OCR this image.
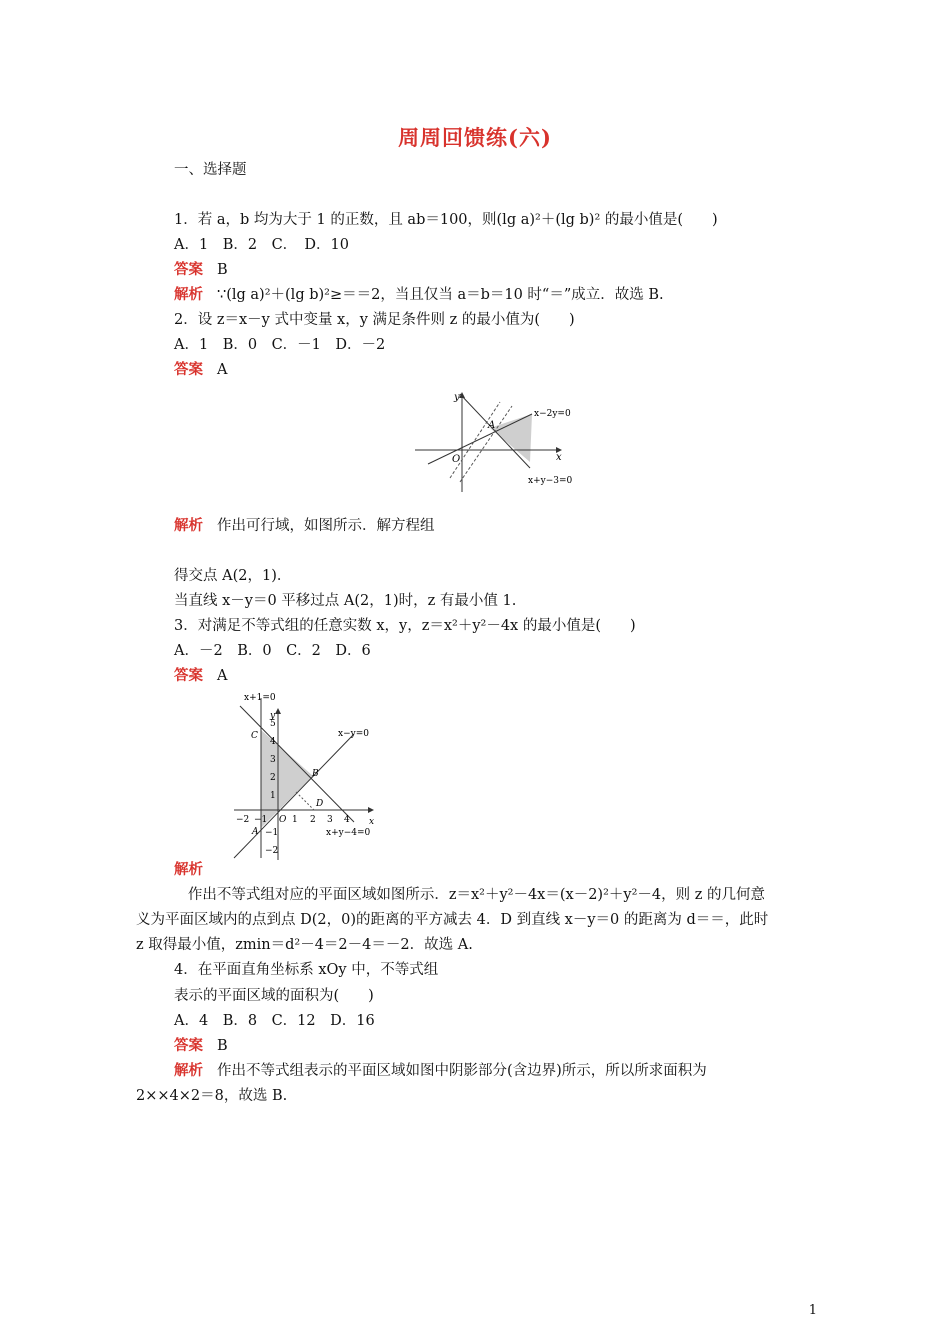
周周回馈练(六)
一、选择题
1．若 a，b 均为大于 1 的正数，且 ab＝100，则(lg a)²＋(lg b)² 的最小值是(　　)
A．1　B．2　C．　D．10
答案 B
解析 ∵(lg a)²＋(lg b)²≥＝＝2，当且仅当 a＝b＝10 时“＝”成立．故选 B.
2．设 z＝x－y 式中变量 x，y 满足条件则 z 的最小值为(　　)
A．1　B．0　C．－1　D．－2
答案 A
y
x
O
A
x−2y=0
x+y−3=0
解析 作出可行域，如图所示．解方程组
得交点 A(2，1)．
当直线 x－y＝0 平移过点 A(2，1)时，z 有最小值 1.
3．对满足不等式组的任意实数 x，y，z＝x²＋y²－4x 的最小值是(　　)
A．－2　B．0　C．2　D．6
答案 A
x+1=0
x−y=0
x+y−4=0
y
x
O
C
B
D
A
−2 −1	1 2 3 4
5
4
3
2
1
−1
−2
解析
作出不等式组对应的平面区域如图所示．z＝x²＋y²－4x＝(x－2)²＋y²－4，则 z 的几何意
义为平面区域内的点到点 D(2，0)的距离的平方减去 4．D 到直线 x－y＝0 的距离为 d＝＝，此时
z 取得最小值，zmin＝d²－4＝2－4＝－2．故选 A.
4．在平面直角坐标系 xOy 中，不等式组
表示的平面区域的面积为(　　)
A．4　B．8　C．12　D．16
答案 B
解析 作出不等式组表示的平面区域如图中阴影部分(含边界)所示，所以所求面积为
2××4×2＝8，故选 B.
1
